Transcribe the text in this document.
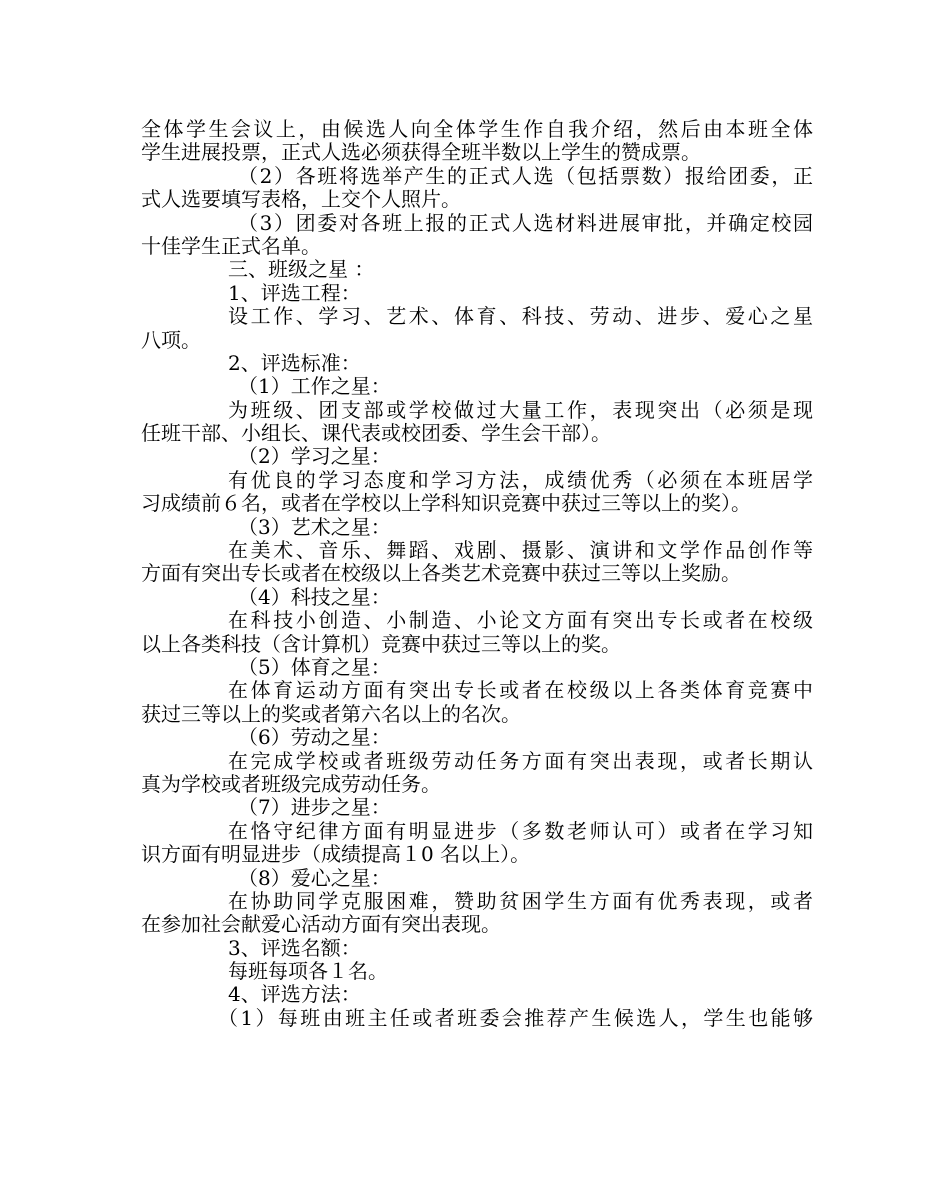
全体学生会议上，由候选人向全体学生作自我介绍，然后由本班全体
学生进展投票，正式人选必须获得全班半数以上学生的赞成票。
（2）各班将选举产生的正式人选（包括票数）报给团委，正
式人选要填写表格，上交个人照片。
（3）团委对各班上报的正式人选材料进展审批，并确定校园
十佳学生正式名单。
三、班级之星 ：
1、评选工程：
设工作、学习、艺术、体育、科技、劳动、进步、爱心之星
八项。
2、评选标准：
（1）工作之星：
为班级、团支部或学校做过大量工作，表现突出（必须是现
任班干部、小组长、课代表或校团委、学生会干部）。
（2）学习之星：
有优良的学习态度和学习方法，成绩优秀（必须在本班居学
习成绩前６名，或者在学校以上学科知识竞赛中获过三等以上的奖）。
（3）艺术之星：
在美术、音乐、舞蹈、戏剧、摄影、演讲和文学作品创作等
方面有突出专长或者在校级以上各类艺术竞赛中获过三等以上奖励。
（4）科技之星：
在科技小创造、小制造、小论文方面有突出专长或者在校级
以上各类科技（含计算机）竞赛中获过三等以上的奖。
（5）体育之星：
在体育运动方面有突出专长或者在校级以上各类体育竞赛中
获过三等以上的奖或者第六名以上的名次。
（6）劳动之星：
在完成学校或者班级劳动任务方面有突出表现，或者长期认
真为学校或者班级完成劳动任务。
（7）进步之星：
在恪守纪律方面有明显进步（多数老师认可）或者在学习知
识方面有明显进步（成绩提高１0 名以上）。
（8）爱心之星：
在协助同学克服困难，赞助贫困学生方面有优秀表现，或者
在参加社会献爱心活动方面有突出表现。
3、评选名额：
每班每项各１名。
4、评选方法：
（1）每班由班主任或者班委会推荐产生候选人，学生也能够
